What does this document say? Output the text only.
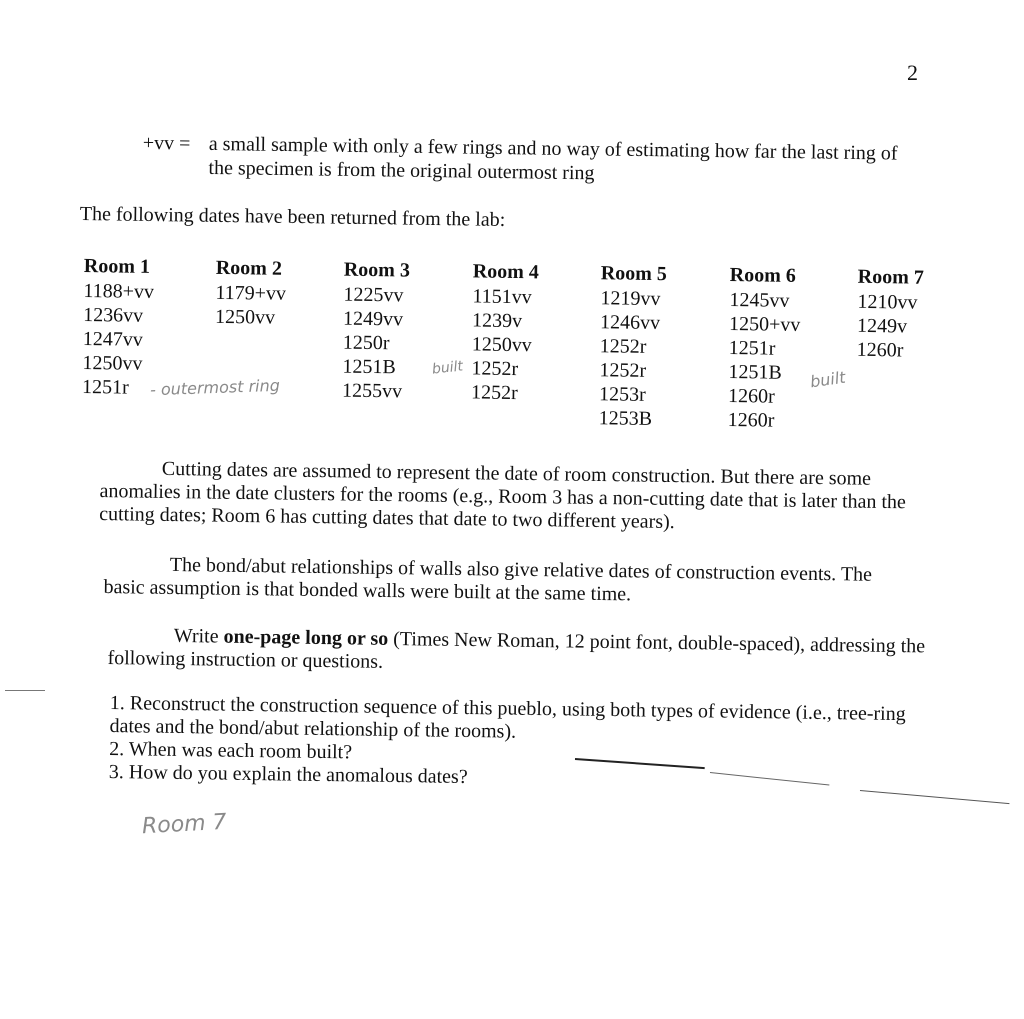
2
+vv = a small sample with only a few rings and no way of estimating how far the last ring of the specimen is from the original outermost ring
The following dates have been returned from the lab:
Room 1
1188+vv
1236vv
1247vv
1250vv
1251r
Room 2
1179+vv
1250vv
Room 3
1225vv
1249vv
1250r
1251B
1255vv
Room 4
1151vv
1239v
1250vv
1252r
1252r
Room 5
1219vv
1246vv
1252r
1252r
1253r
1253B
Room 6
1245vv
1250+vv
1251r
1251B
1260r
1260r
Room 7
1210vv
1249v
1260r
- outermost ring
built	built
Room 7
Cutting dates are assumed to represent the date of room construction. But there are some anomalies in the date clusters for the rooms (e.g., Room 3 has a non-cutting date that is later than the cutting dates; Room 6 has cutting dates that date to two different years).
The bond/abut relationships of walls also give relative dates of construction events. The basic assumption is that bonded walls were built at the same time.
Write one-page long or so (Times New Roman, 12 point font, double-spaced), addressing the following instruction or questions.

1. Reconstruct the construction sequence of this pueblo, using both types of evidence (i.e., tree-ring dates and the bond/abut relationship of the rooms).

2. When was each room built?

3. How do you explain the anomalous dates?
